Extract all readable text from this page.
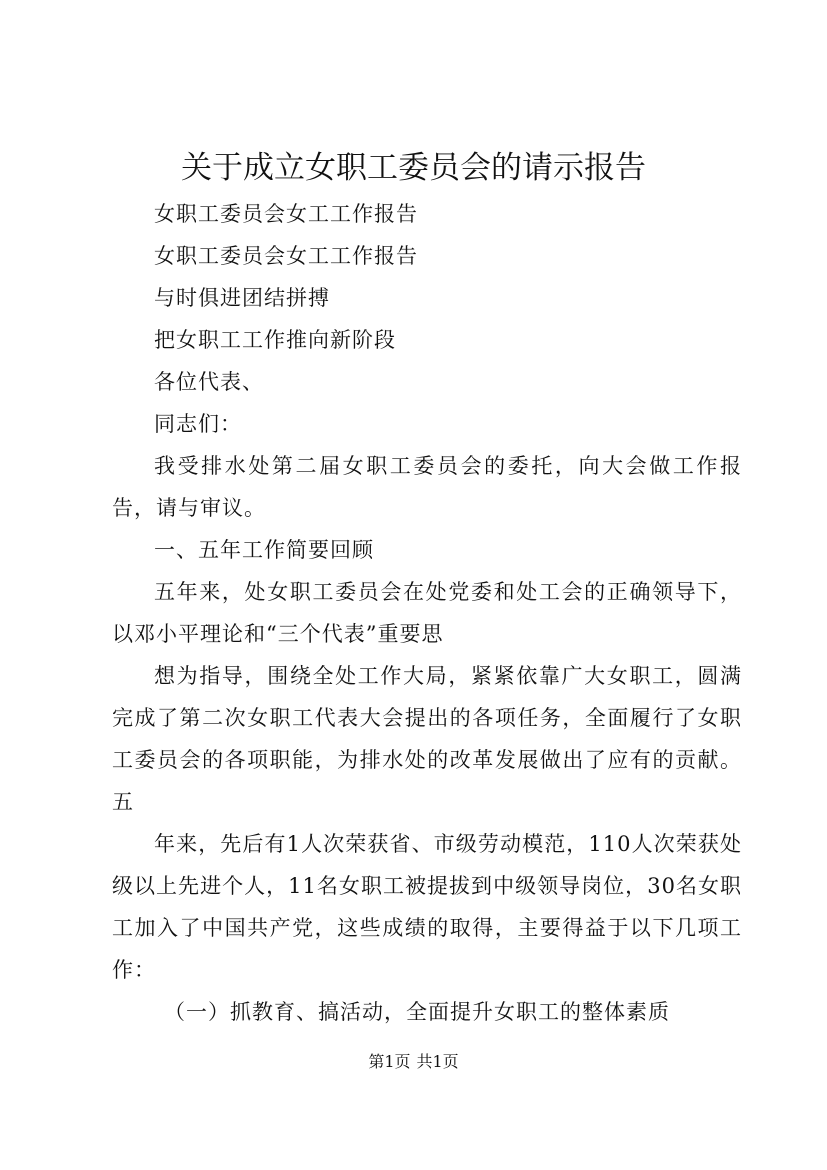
关于成立女职工委员会的请示报告

女职工委员会女工工作报告

女职工委员会女工工作报告

与时俱进团结拼搏

把女职工工作推向新阶段

各位代表、

同志们：

我受排水处第二届女职工委员会的委托，向大会做工作报告，请与审议。

一、五年工作简要回顾

五年来，处女职工委员会在处党委和处工会的正确领导下，以邓小平理论和“三个代表”重要思

想为指导，围绕全处工作大局，紧紧依靠广大女职工，圆满完成了第二次女职工代表大会提出的各项任务，全面履行了女职工委员会的各项职能，为排水处的改革发展做出了应有的贡献。五

年来，先后有1人次荣获省、市级劳动模范，110人次荣获处级以上先进个人，11名女职工被提拔到中级领导岗位，30名女职工加入了中国共产党，这些成绩的取得，主要得益于以下几项工作：

（一）抓教育、搞活动，全面提升女职工的整体素质

第1页 共1页
